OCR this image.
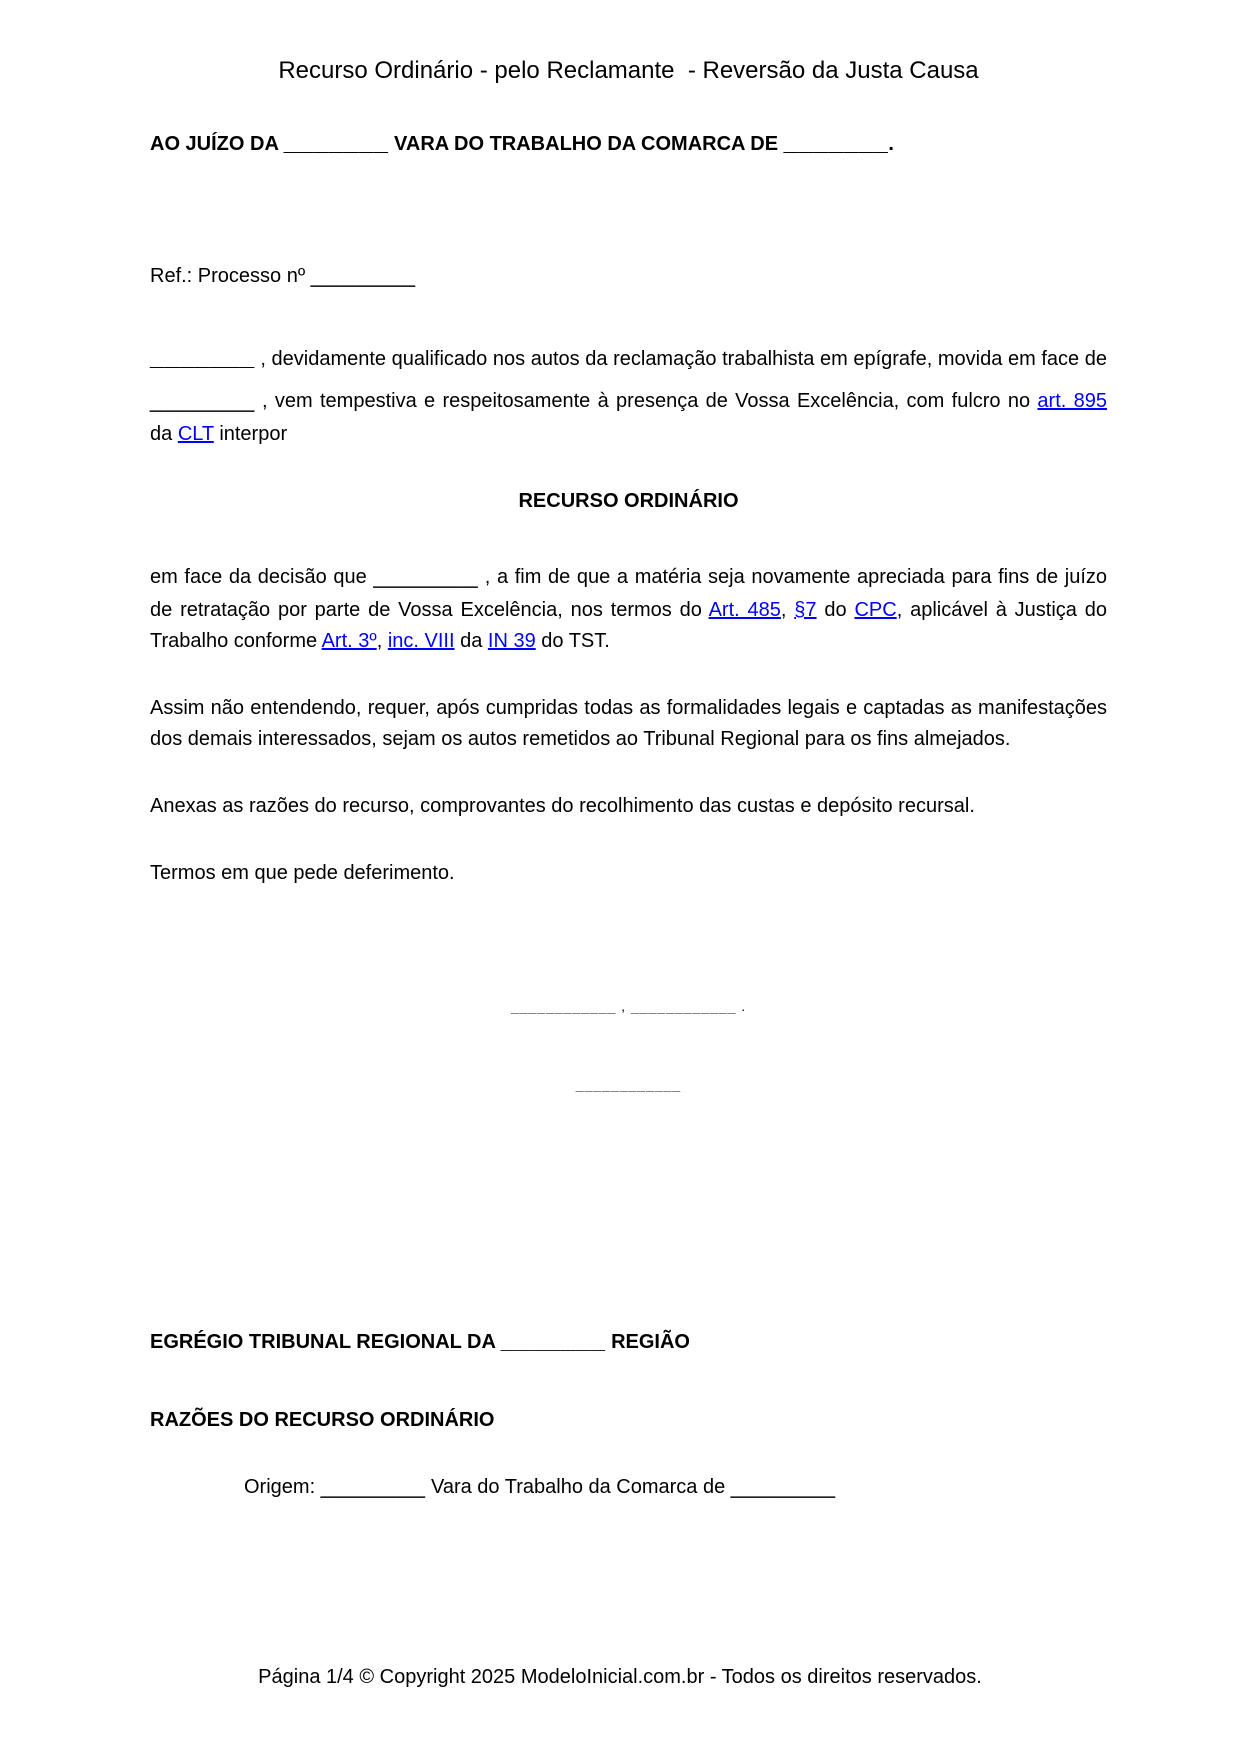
Recurso Ordinário - pelo Reclamante  - Reversão da Justa Causa
AO JUÍZO DA _______ VARA DO TRABALHO DA COMARCA DE _______.
Ref.: Processo nº _______

_______ , devidamente qualificado nos autos da reclamação trabalhista em epígrafe, movida em face de _______ , vem tempestiva e respeitosamente à presença de Vossa Excelência, com fulcro no art. 895 da CLT interpor

RECURSO ORDINÁRIO

em face da decisão que _______ , a fim de que a matéria seja novamente apreciada para fins de juízo de retratação por parte de Vossa Excelência, nos termos do Art. 485, §7 do CPC, aplicável à Justiça do Trabalho conforme Art. 3º, inc. VIII da IN 39 do TST.

Assim não entendendo, requer, após cumpridas todas as formalidades legais e captadas as manifestações dos demais interessados, sejam os autos remetidos ao Tribunal Regional para os fins almejados.

Anexas as razões do recurso, comprovantes do recolhimento das custas e depósito recursal.

Termos em que pede deferimento.

____________ , ____________ .
____________
EGRÉGIO TRIBUNAL REGIONAL DA _______ REGIÃO
RAZÕES DO RECURSO ORDINÁRIO
Origem: _______ Vara do Trabalho da Comarca de _______
Página 1/4 © Copyright 2025 ModeloInicial.com.br - Todos os direitos reservados.
